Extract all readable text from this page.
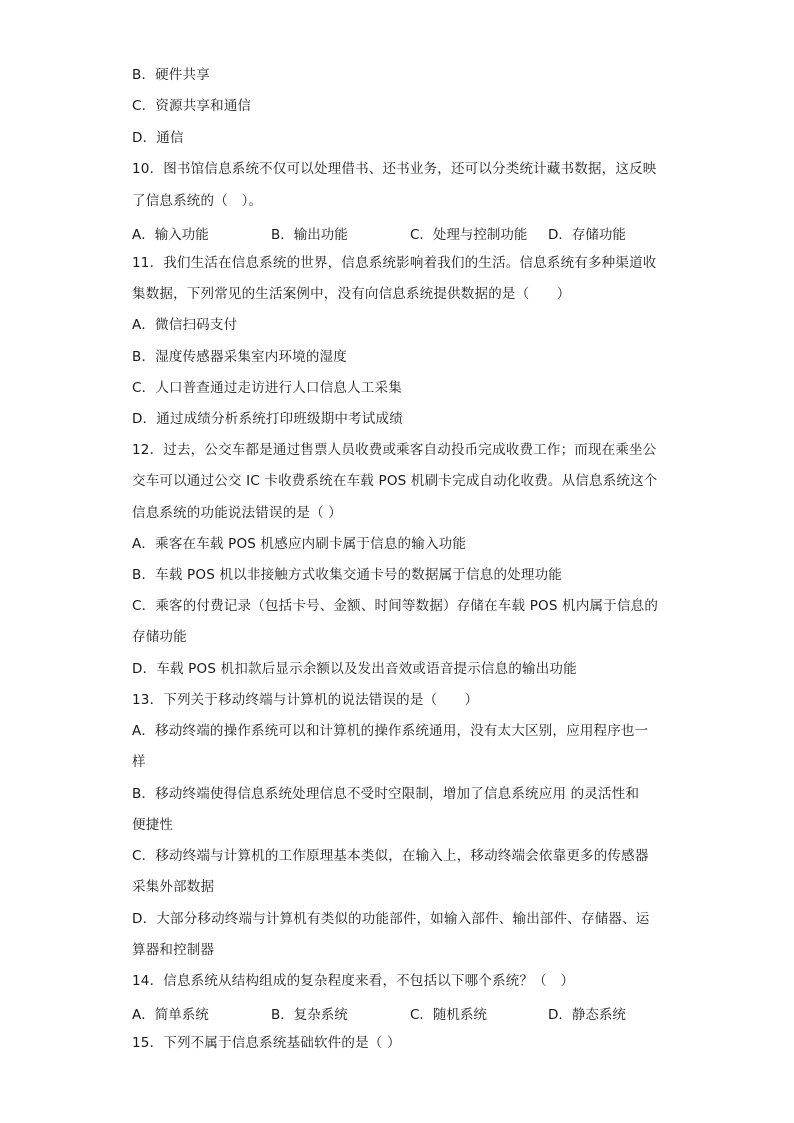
B．硬件共享
C．资源共享和通信
D．通信
10．图书馆信息系统不仅可以处理借书、还书业务，还可以分类统计藏书数据，这反映
了信息系统的（　）。
A．输入功能	B．输出功能	C．处理与控制功能 D．存储功能
11．我们生活在信息系统的世界，信息系统影响着我们的生活。信息系统有多种渠道收
集数据，下列常见的生活案例中，没有向信息系统提供数据的是（　　）
A．微信扫码支付
B．湿度传感器采集室内环境的湿度
C．人口普查通过走访进行人口信息人工采集
D．通过成绩分析系统打印班级期中考试成绩
12．过去，公交车都是通过售票人员收费或乘客自动投币完成收费工作；而现在乘坐公
交车可以通过公交 IC 卡收费系统在车载 POS 机刷卡完成自动化收费。从信息系统这个
信息系统的功能说法错误的是（ ）
A．乘客在车载 POS 机感应内刷卡属于信息的输入功能
B．车载 POS 机以非接触方式收集交通卡号的数据属于信息的处理功能
C．乘客的付费记录（包括卡号、金额、时间等数据）存储在车载 POS 机内属于信息的
存储功能
D．车载 POS 机扣款后显示余额以及发出音效或语音提示信息的输出功能
13．下列关于移动终端与计算机的说法错误的是（　　）
A．移动终端的操作系统可以和计算机的操作系统通用，没有太大区别，应用程序也一
样
B．移动终端使得信息系统处理信息不受时空限制，增加了信息系统应用 的灵活性和
便捷性
C．移动终端与计算机的工作原理基本类似，在输入上，移动终端会依靠更多的传感器
采集外部数据
D．大部分移动终端与计算机有类似的功能部件，如输入部件、输出部件、存储器、运
算器和控制器
14．信息系统从结构组成的复杂程度来看，不包括以下哪个系统？（　）
A．简单系统	B．复杂系统	C．随机系统	D．静态系统
15．下列不属于信息系统基础软件的是（ ）
